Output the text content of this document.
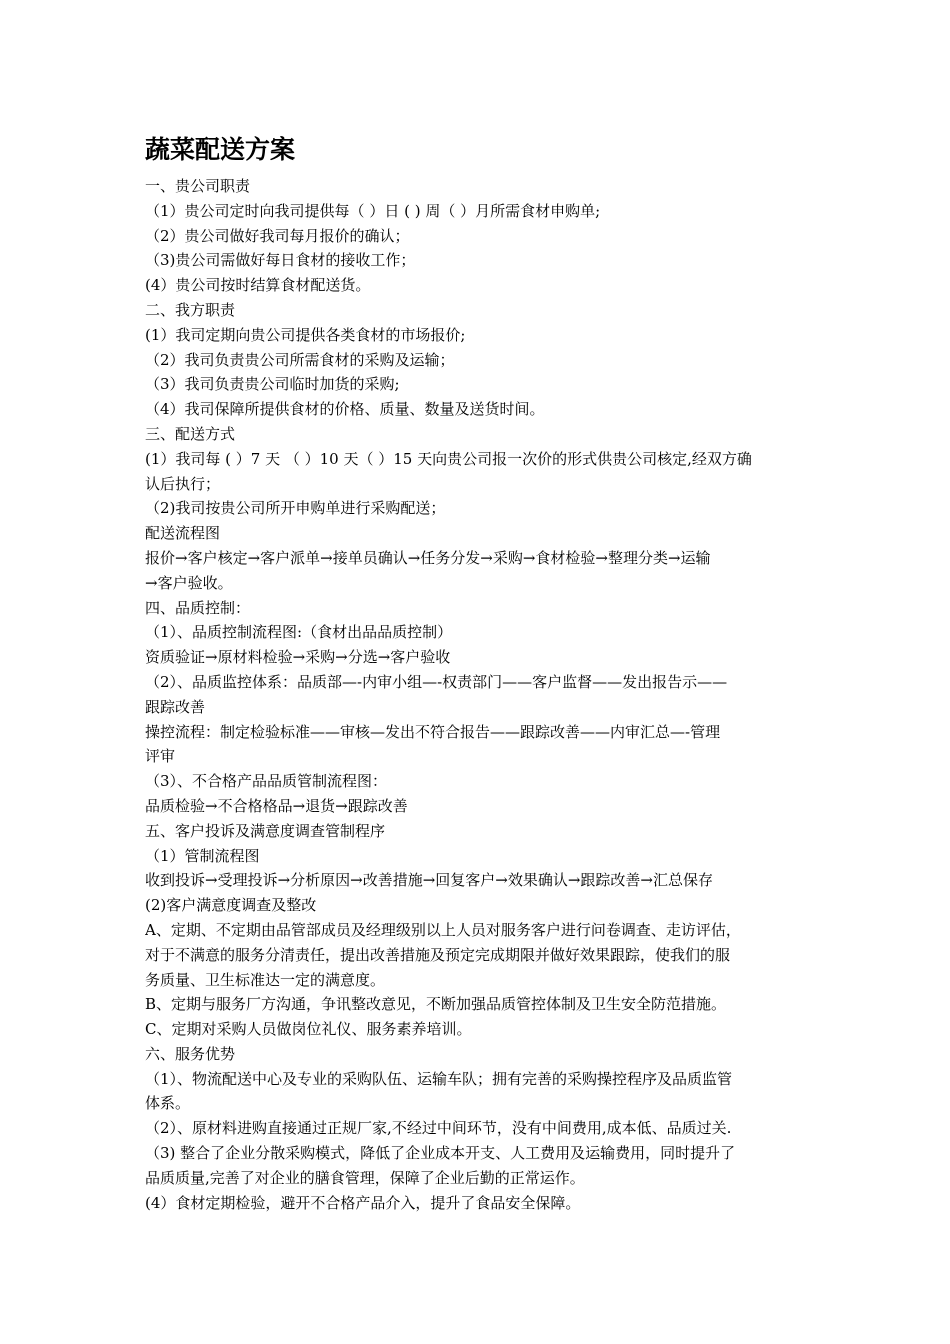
蔬菜配送方案

一、贵公司职责

（1）贵公司定时向我司提供每（ ）日 ( ) 周（ ）月所需食材申购单;

（2）贵公司做好我司每月报价的确认；

（3)贵公司需做好每日食材的接收工作；

(4）贵公司按时结算食材配送货。

二、我方职责

(1）我司定期向贵公司提供各类食材的市场报价;

（2）我司负责贵公司所需食材的采购及运输；

（3）我司负责贵公司临时加货的采购;

（4）我司保障所提供食材的价格、质量、数量及送货时间。

三、配送方式

(1）我司每 ( ）7 天 （ ）10 天（ ）15 天向贵公司报一次价的形式供贵公司核定,经双方确

认后执行；

（2)我司按贵公司所开申购单进行采购配送；

配送流程图

报价→客户核定→客户派单→接单员确认→任务分发→采购→食材检验→整理分类→运输

→客户验收。

四、品质控制：

（1）、品质控制流程图:（食材出品品质控制）

资质验证→原材料检验→采购→分选→客户验收

（2）、品质监控体系：品质部—-内审小组—-权责部门——客户监督——发出报告示——

跟踪改善

操控流程：制定检验标准——审核—发出不符合报告——跟踪改善——内审汇总—-管理

评审

（3）、不合格产品品质管制流程图：

品质检验→不合格格品→退货→跟踪改善

五、客户投诉及满意度调查管制程序

（1）管制流程图

收到投诉→受理投诉→分析原因→改善措施→回复客户→效果确认→跟踪改善→汇总保存

(2)客户满意度调查及整改

A、定期、不定期由品管部成员及经理级别以上人员对服务客户进行问卷调查、走访评估，

对于不满意的服务分清责任，提出改善措施及预定完成期限并做好效果跟踪，使我们的服

务质量、卫生标准达一定的满意度。

B、定期与服务厂方沟通，争讯整改意见，不断加强品质管控体制及卫生安全防范措施。

C、定期对采购人员做岗位礼仪、服务素养培训。

六、服务优势

（1）、物流配送中心及专业的采购队伍、运输车队；拥有完善的采购操控程序及品质监管

体系。

（2）、原材料进购直接通过正规厂家,不经过中间环节，没有中间费用,成本低、品质过关.

（3) 整合了企业分散采购模式，降低了企业成本开支、人工费用及运输费用，同时提升了

品质质量,完善了对企业的膳食管理，保障了企业后勤的正常运作。

(4）食材定期检验，避开不合格产品介入，提升了食品安全保障。
